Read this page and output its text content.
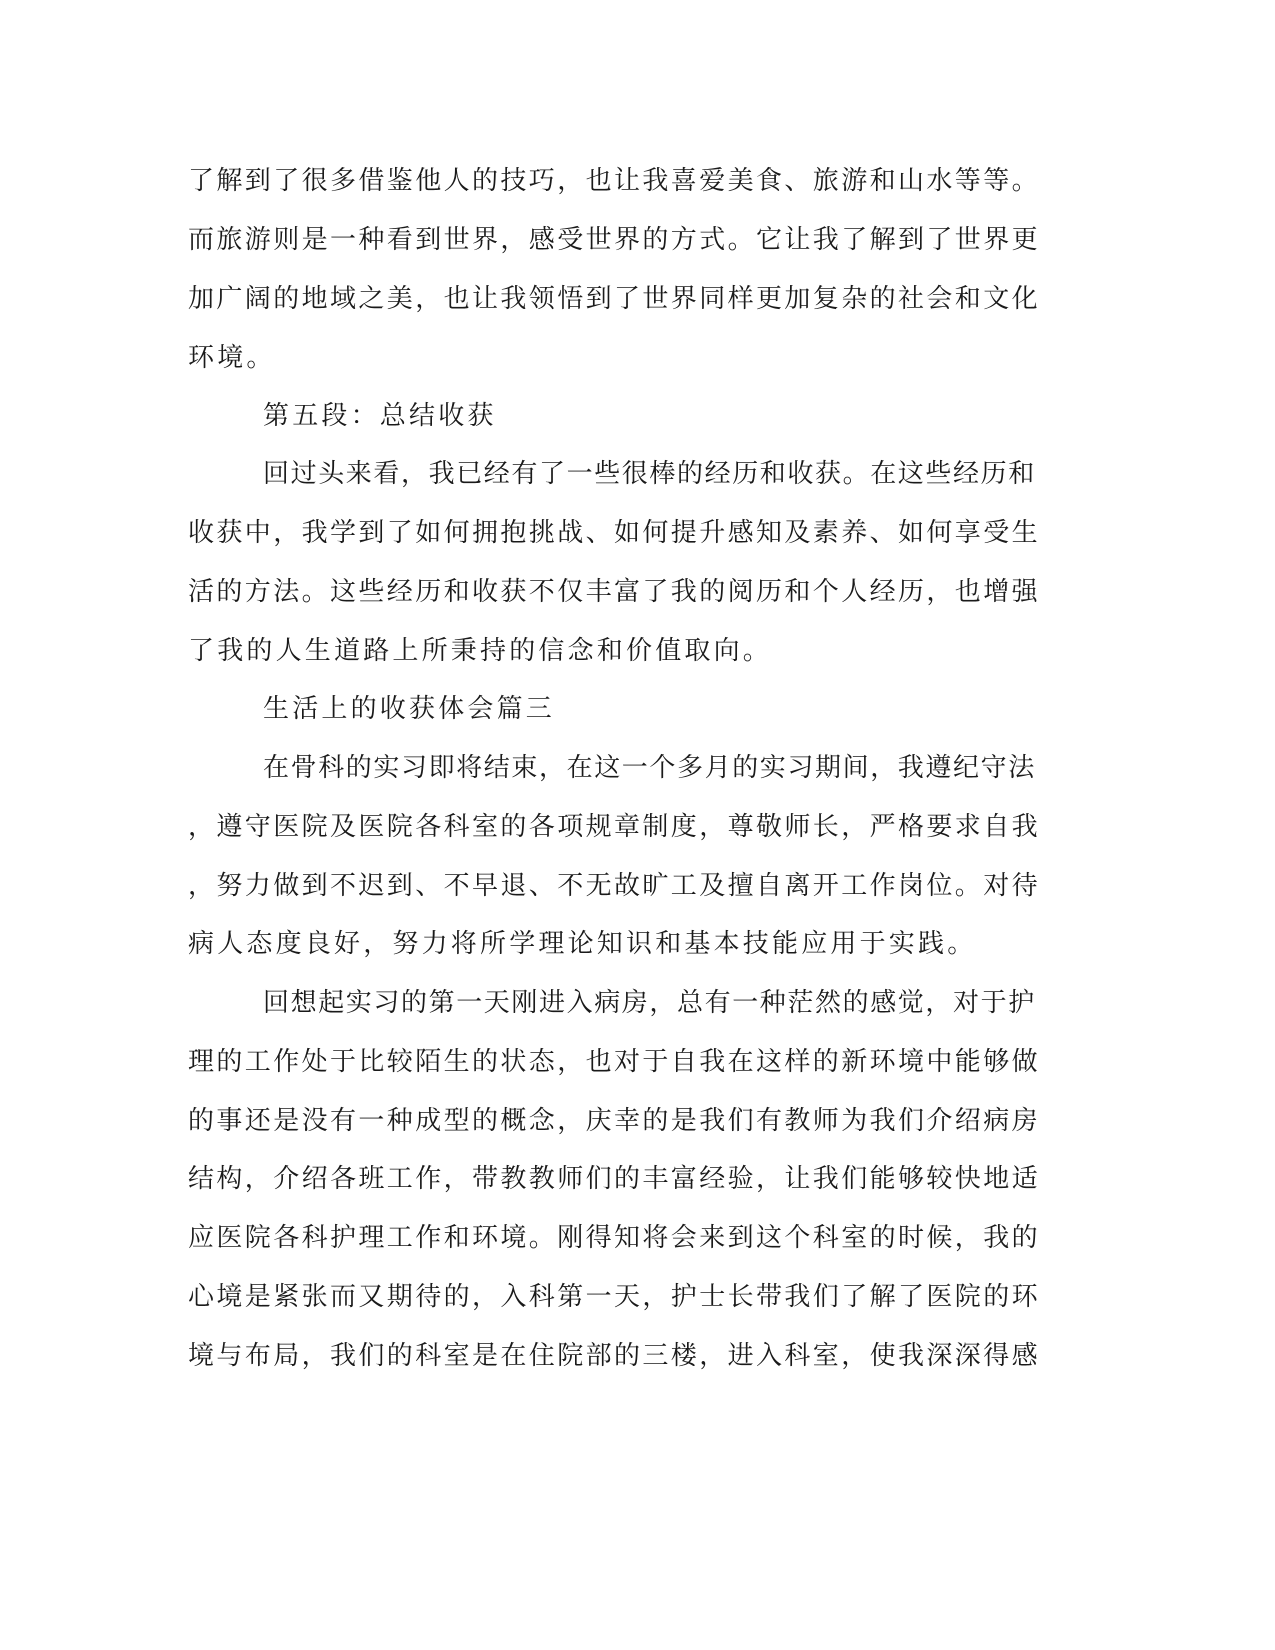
了解到了很多借鉴他人的技巧，也让我喜爱美食、旅游和山水等等。

而旅游则是一种看到世界，感受世界的方式。它让我了解到了世界更

加广阔的地域之美，也让我领悟到了世界同样更加复杂的社会和文化

环境。

第五段：总结收获

回过头来看，我已经有了一些很棒的经历和收获。在这些经历和

收获中，我学到了如何拥抱挑战、如何提升感知及素养、如何享受生

活的方法。这些经历和收获不仅丰富了我的阅历和个人经历，也增强

了我的人生道路上所秉持的信念和价值取向。

生活上的收获体会篇三

在骨科的实习即将结束，在这一个多月的实习期间，我遵纪守法

，遵守医院及医院各科室的各项规章制度，尊敬师长，严格要求自我

，努力做到不迟到、不早退、不无故旷工及擅自离开工作岗位。对待

病人态度良好，努力将所学理论知识和基本技能应用于实践。

回想起实习的第一天刚进入病房，总有一种茫然的感觉，对于护

理的工作处于比较陌生的状态，也对于自我在这样的新环境中能够做

的事还是没有一种成型的概念，庆幸的是我们有教师为我们介绍病房

结构，介绍各班工作，带教教师们的丰富经验，让我们能够较快地适

应医院各科护理工作和环境。刚得知将会来到这个科室的时候，我的

心境是紧张而又期待的，入科第一天，护士长带我们了解了医院的环

境与布局，我们的科室是在住院部的三楼，进入科室，使我深深得感
